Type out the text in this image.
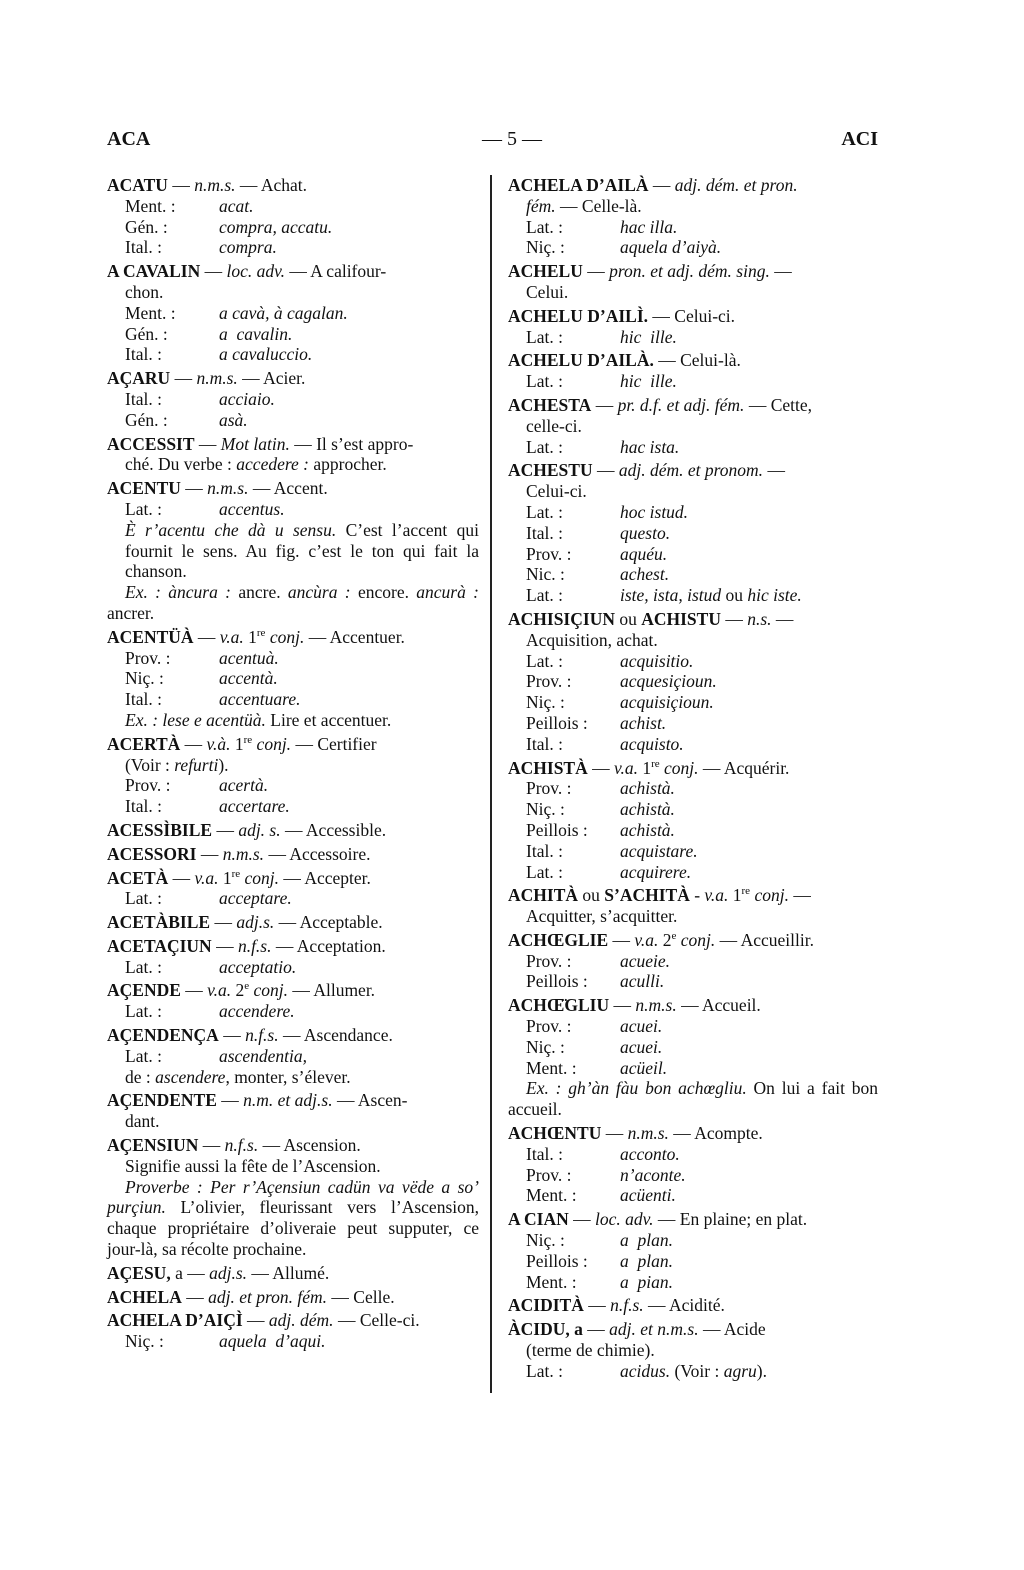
ACA	— 5 —	ACI
ACATU — n.m.s. — Achat.
Ment. :	acat.
Gén. :	compra, accatu.
Ital. :	compra.
A CAVALIN — loc. adv. — A califour-
chon.
Ment. :	a cavà, à cagalan.
Gén. :	a  cavalin.
Ital. :	a cavaluccio.
AÇARU — n.m.s. — Acier.
Ital. :	acciaio.
Gén. :	asà.
ACCESSIT — Mot latin. — Il s’est appro-
ché. Du verbe : accedere : approcher.
ACENTU — n.m.s. — Accent.
Lat. :	accentus.
È r’acentu che dà u sensu. C’est l’accent qui fournit le sens. Au fig. c’est le ton qui fait la chanson.
Ex. : àncura : ancre. ancùra : encore. ancurà : ancrer.
ACENTÜÀ — v.a. 1re conj. — Accentuer.
Prov. :	acentuà.
Niç. :	accentà.
Ital. :	accentuare.
Ex. : lese e acentüà. Lire et accentuer.
ACERTÀ — v.à. 1re conj. — Certifier
(Voir : refurti).
Prov. :	acertà.
Ital. :	accertare.
ACESSÌBILE — adj. s. — Accessible.
ACESSORI — n.m.s. — Accessoire.
ACETÀ — v.a. 1re conj. — Accepter.
Lat. :	acceptare.
ACETÀBILE — adj.s. — Acceptable.
ACETAÇIUN — n.f.s. — Acceptation.
Lat. :	acceptatio.
AÇENDE — v.a. 2e conj. — Allumer.
Lat. :	accendere.
AÇENDENÇA — n.f.s. — Ascendance.
Lat. :	ascendentia,
de : ascendere, monter, s’élever.
AÇENDENTE — n.m. et adj.s. — Ascen-
dant.
AÇENSIUN — n.f.s. — Ascension.
Signifie aussi la fête de l’Ascension.
Proverbe : Per r’Açensiun cadün va vëde a so’ purçiun. L’olivier, fleurissant vers l’Ascension, chaque propriétaire d’oliveraie peut supputer, ce jour-là, sa récolte prochaine.
AÇESU, a — adj.s. — Allumé.
ACHELA — adj. et pron. fém. — Celle.
ACHELA D’AIÇÌ — adj. dém. — Celle-ci.
Niç. :	aquela  d’aqui.
ACHELA D’AILÀ — adj. dém. et pron.
fém. — Celle-là.
Lat. :	hac illa.
Niç. :	aquela d’aiyà.
ACHELU — pron. et adj. dém. sing. —
Celui.
ACHELU D’AILÌ. — Celui-ci.
Lat. :	hic  ille.
ACHELU D’AILÀ. — Celui-là.
Lat. :	hic  ille.
ACHESTA — pr. d.f. et adj. fém. — Cette,
celle-ci.
Lat. :	hac ista.
ACHESTU — adj. dém. et pronom. —
Celui-ci.
Lat. :	hoc istud.
Ital. :	questo.
Prov. :	aquéu.
Nic. :	achest.
Lat. :	iste, ista, istud ou hic iste.
ACHISIÇIUN ou ACHISTU — n.s. —
Acquisition, achat.
Lat. :	acquisitio.
Prov. :	acquesiçioun.
Niç. :	acquisiçioun.
Peillois :	achist.
Ital. :	acquisto.
ACHISTÀ — v.a. 1re conj. — Acquérir.
Prov. :	achistà.
Niç. :	achistà.
Peillois :	achistà.
Ital. :	acquistare.
Lat. :	acquirere.
ACHITÀ ou S’ACHITÀ - v.a. 1re conj. —
Acquitter, s’acquitter.
ACHŒGLIE — v.a. 2e conj. — Accueillir.
Prov. :	acueie.
Peillois :	aculli.
ACHŒ̈GLIU — n.m.s. — Accueil.
Prov. :	acuei.
Niç. :	acuei.
Ment. :	acüeil.
Ex. : gh’àn fàu bon achœgliu. On lui a fait bon accueil.
ACHŒNTU — n.m.s. — Acompte.
Ital. :	acconto.
Prov. :	n’aconte.
Ment. :	acüenti.
A CIAN — loc. adv. — En plaine; en plat.
Niç. :	a  plan.
Peillois :	a  plan.
Ment. :	a  pian.
ACIDITÀ — n.f.s. — Acidité.
ÀCIDU, a — adj. et n.m.s. — Acide
(terme de chimie).
Lat. :	acidus. (Voir : agru).
